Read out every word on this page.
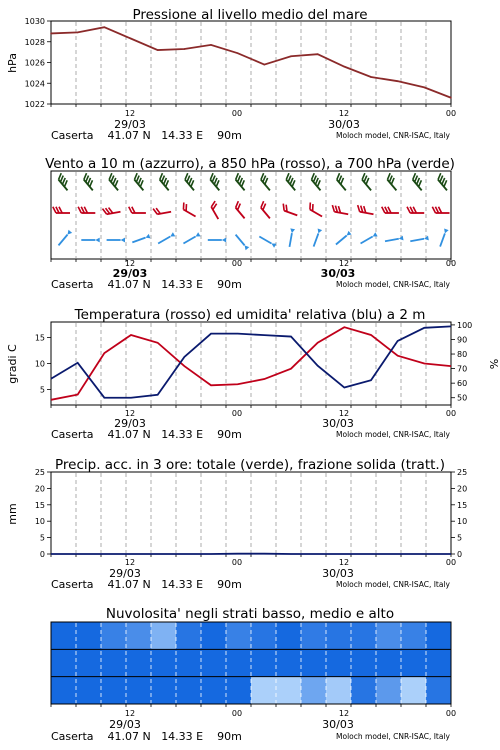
Pressione al livello medio del mare
Vento a 10 m (azzurro), a 850 hPa (rosso), a 700 hPa (verde)
Temperatura (rosso) ed umidita' relativa (blu) a 2 m
Precip. acc. in 3 ore: totale (verde), frazione solida (tratt.)
Nuvolosita' negli strati basso, medio e alto
hPa
gradi C	%
mm
12	00	12	00
29/03	30/03
Caserta    41.07 N   14.33 E    90m	Moloch model, CNR-ISAC, Italy
12	00	12	00
29/03	30/03
Caserta    41.07 N   14.33 E    90m	Moloch model, CNR-ISAC, Italy
12	00	12	00
29/03	30/03
Caserta    41.07 N   14.33 E    90m	Moloch model, CNR-ISAC, Italy
12	00	12	00
29/03	30/03
Caserta    41.07 N   14.33 E    90m	Moloch model, CNR-ISAC, Italy
12	00	12	00
29/03	30/03
Caserta    41.07 N   14.33 E    90m	Moloch model, CNR-ISAC, Italy
1022
1024
1026
1028
1030
5
10
15
50
60
70
80
90
100
0
5
10
15
20
25
0
5
10
15
20
25
